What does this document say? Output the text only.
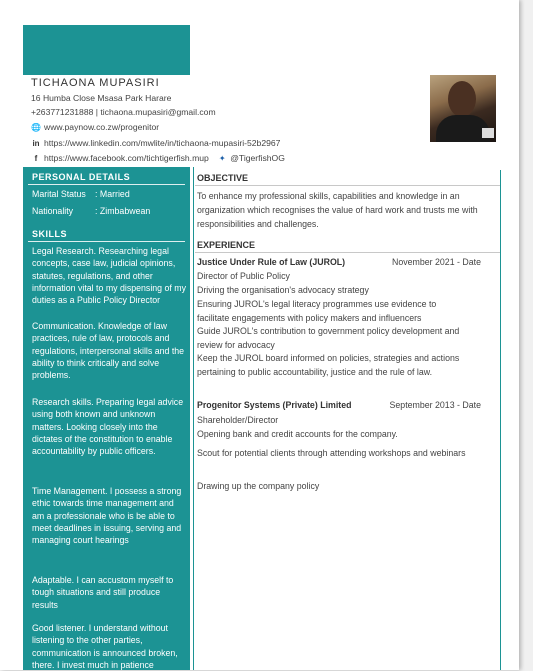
TICHAONA MUPASIRI
16 Humba Close Msasa Park Harare
+263771231888 | tichaona.mupasiri@gmail.com
🌐 www.paynow.co.zw/progenitor
in https://www.linkedin.com/mwlite/in/tichaona-mupasiri-52b2967
f https://www.facebook.com/tichtigerfish.mup ✦ @TigerfishOG
PERSONAL DETAILS
Marital Status : Married
Nationality : Zimbabwean
SKILLS
Legal Research. Researching legal concepts, case law, judicial opinions, statutes, regulations, and other information vital to my dispensing of my duties as a Public Policy Director
Communication. Knowledge of law practices, rule of law, protocols and regulations, interpersonal skills and the ability to think critically and solve problems.
Research skills. Preparing legal advice using both known and unknown matters. Looking closely into the dictates of the constitution to enable accountability by public officers.
Time Management. I possess a strong ethic towards time management and am a professionale who is be able to meet deadlines in issuing, serving and managing court hearings
Adaptable. I can accustom myself to tough situations and still produce results
Good listener. I understand without listening to the other parties, communication is announced broken, there. I invest much in patience
OBJECTIVE
To enhance my professional skills, capabilities and knowledge in an organization which recognises the value of hard work and trusts me with responsibilities and challenges.
EXPERIENCE
Justice Under Rule of Law (JUROL)	November 2021 - Date
Director of Public Policy
Driving the organisation's advocacy strategy
Ensuring JUROL's legal literacy programmes use evidence to facilitate engagements with policy makers and influencers
Guide JUROL's contribution to government policy development and review for advocacy
Keep the JUROL board informed on policies, strategies and actions pertaining to public accountability, justice and the rule of law.
Progenitor Systems (Private) Limited	September 2013 - Date
Shareholder/Director
Opening bank and credit accounts for the company.
Scout for potential clients through attending workshops and webinars
Drawing up the company policy
